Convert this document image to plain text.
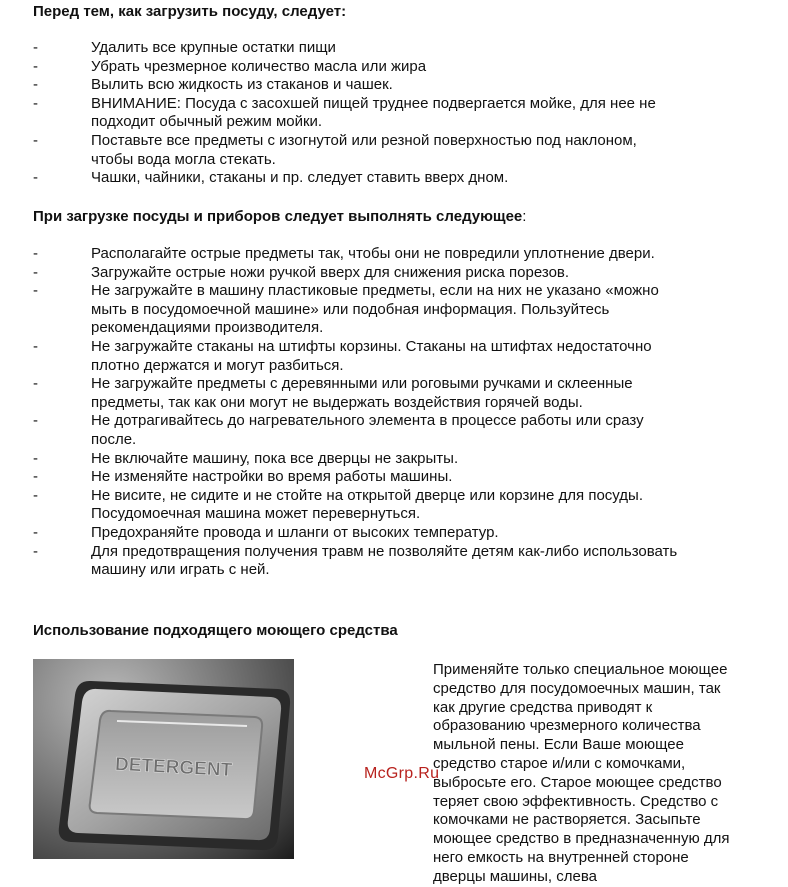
Перед тем, как загрузить посуду, следует:
-	Удалить все крупные остатки пищи
-	Убрать чрезмерное количество масла или жира
-	Вылить всю жидкость из стаканов и чашек.
-	ВНИМАНИЕ: Посуда с засохшей пищей труднее подвергается мойке, для нее не
подходит обычный режим мойки.
-	Поставьте все предметы с изогнутой или резной поверхностью под наклоном,
чтобы вода могла стекать.
-	Чашки, чайники, стаканы и пр. следует ставить вверх дном.
При загрузке посуды и приборов следует выполнять следующее:
-	Располагайте острые предметы так, чтобы они не повредили уплотнение двери.
-	Загружайте острые ножи ручкой вверх для снижения риска порезов.
-	Не загружайте в машину пластиковые предметы, если на них не указано «можно
мыть в посудомоечной машине» или подобная информация. Пользуйтесь
рекомендациями производителя.
-	Не загружайте стаканы на штифты корзины. Стаканы на штифтах недостаточно
плотно держатся и могут разбиться.
-	Не загружайте предметы с деревянными или роговыми ручками и склеенные
предметы, так как они могут не выдержать воздействия горячей воды.
-	Не дотрагивайтесь до нагревательного элемента в процессе работы или сразу
после.
-	Не включайте машину, пока все дверцы не закрыты.
-	Не изменяйте настройки во время работы машины.
-	Не висите, не сидите и не стойте на открытой дверце или корзине для посуды.
Посудомоечная машина может перевернуться.
-	Предохраняйте провода и шланги от высоких температур.
-	Для предотвращения получения травм не позволяйте детям как-либо использовать
машину или играть с ней.
Использование подходящего моющего средства
DETERGENT
Применяйте только специальное моющее
средство для посудомоечных машин, так
как другие средства приводят к
образованию чрезмерного количества
мыльной пены. Если Ваше моющее
средство старое и/или с комочками,
выбросьте его. Старое моющее средство
теряет свою эффективность. Средство с
комочками не растворяется. Засыпьте
моющее средство в предназначенную для
него емкость на внутренней стороне
дверцы машины, слева
McGrp.Ru
